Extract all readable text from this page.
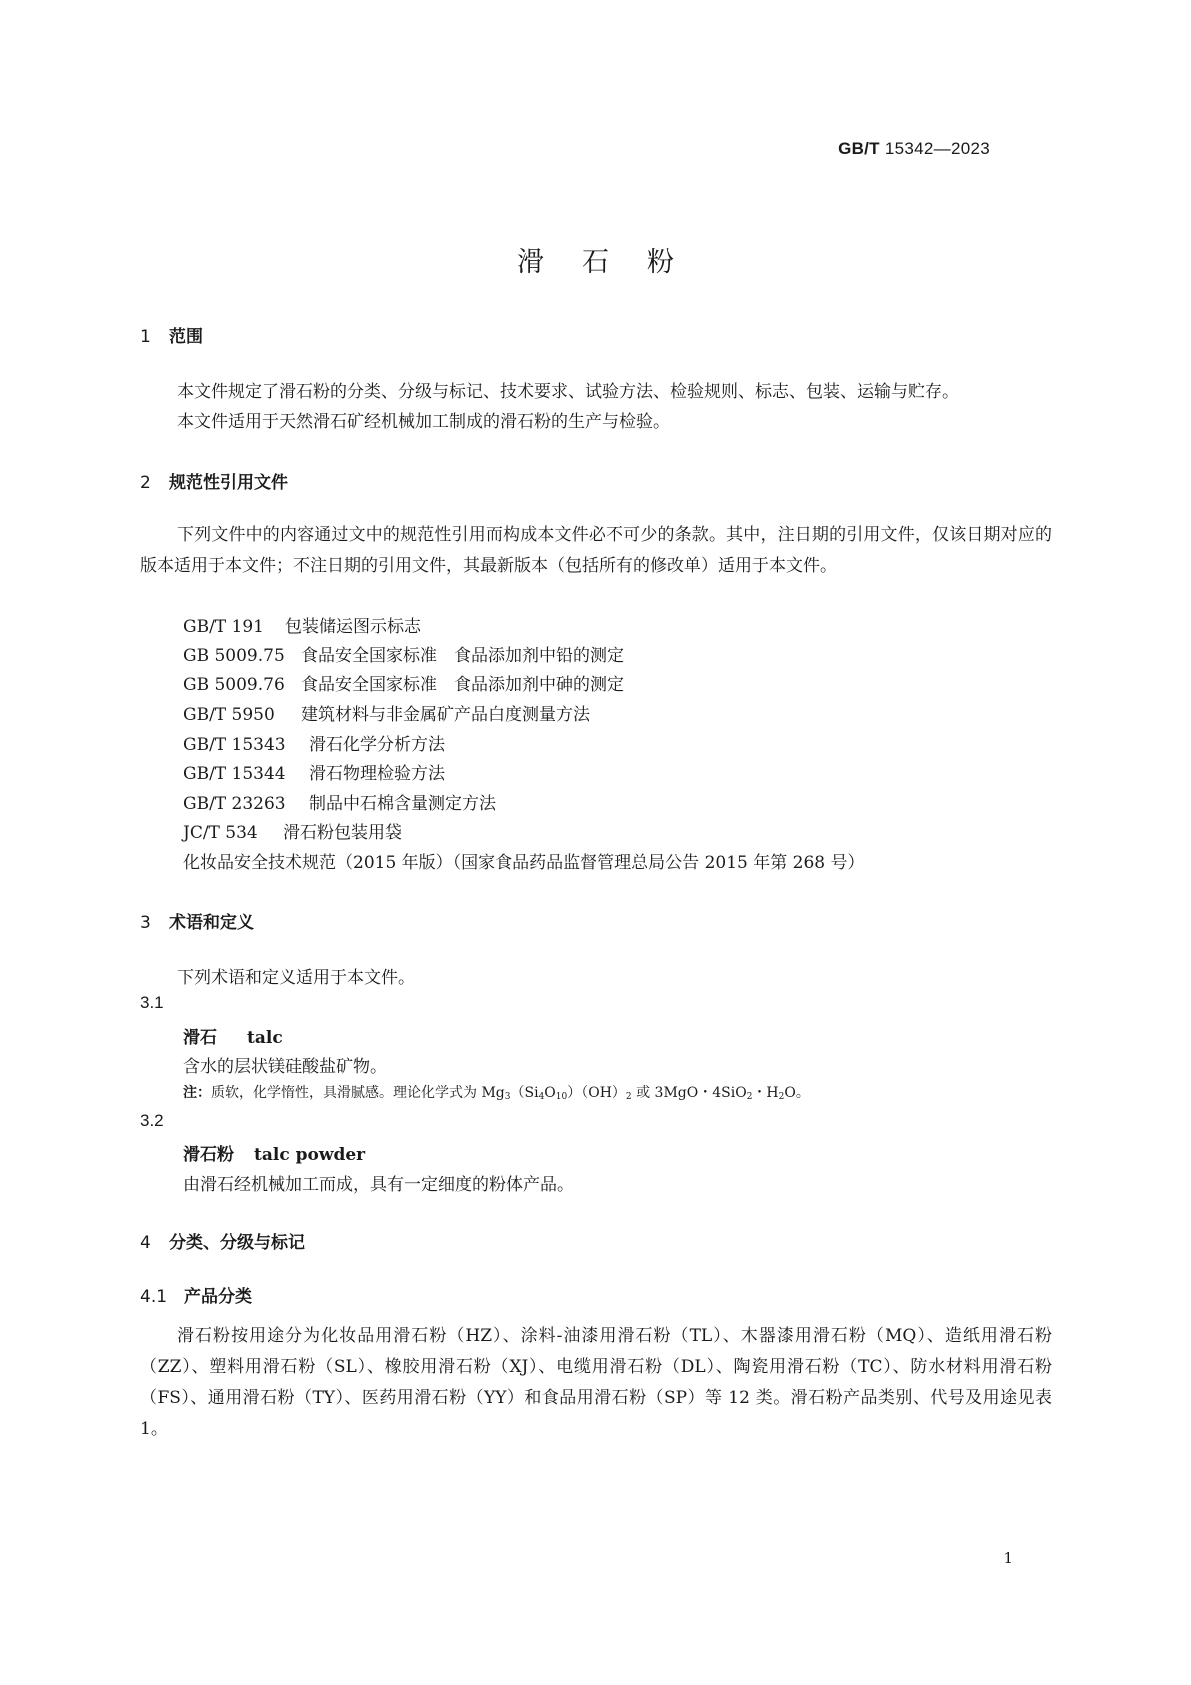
GB/T 15342—2023
滑石粉
1 范围
本文件规定了滑石粉的分类、分级与标记、技术要求、试验方法、检验规则、标志、包装、运输与贮存。
本文件适用于天然滑石矿经机械加工制成的滑石粉的生产与检验。
2 规范性引用文件
下列文件中的内容通过文中的规范性引用而构成本文件必不可少的条款。其中，注日期的引用文件，仅该日期对应的版本适用于本文件；不注日期的引用文件，其最新版本（包括所有的修改单）适用于本文件。
GB/T 191 包装储运图示标志
GB 5009.75 食品安全国家标准　食品添加剂中铅的测定
GB 5009.76 食品安全国家标准　食品添加剂中砷的测定
GB/T 5950 建筑材料与非金属矿产品白度测量方法
GB/T 15343 滑石化学分析方法
GB/T 15344 滑石物理检验方法
GB/T 23263 制品中石棉含量测定方法
JC/T 534 滑石粉包装用袋
化妆品安全技术规范（2015 年版）（国家食品药品监督管理总局公告 2015 年第 268 号）
3 术语和定义
下列术语和定义适用于本文件。
3.1
滑石 talc
含水的层状镁硅酸盐矿物。
注：质软，化学惰性，具滑腻感。理论化学式为 $Mg_3(Si_4O_{10})(OH)_2$ 或 3MgO・4SiO$_2$・$H_2O$。
3.2
滑石粉 talc powder
由滑石经机械加工而成，具有一定细度的粉体产品。
4 分类、分级与标记
4.1 产品分类
滑石粉按用途分为化妆品用滑石粉（HZ）、涂料-油漆用滑石粉（TL）、木器漆用滑石粉（MQ）、造纸用滑石粉（ZZ）、塑料用滑石粉（SL）、橡胶用滑石粉（XJ）、电缆用滑石粉（DL）、陶瓷用滑石粉（TC）、防水材料用滑石粉（FS）、通用滑石粉（TY）、医药用滑石粉（YY）和食品用滑石粉（SP）等 12 类。滑石粉产品类别、代号及用途见表 1。
1
